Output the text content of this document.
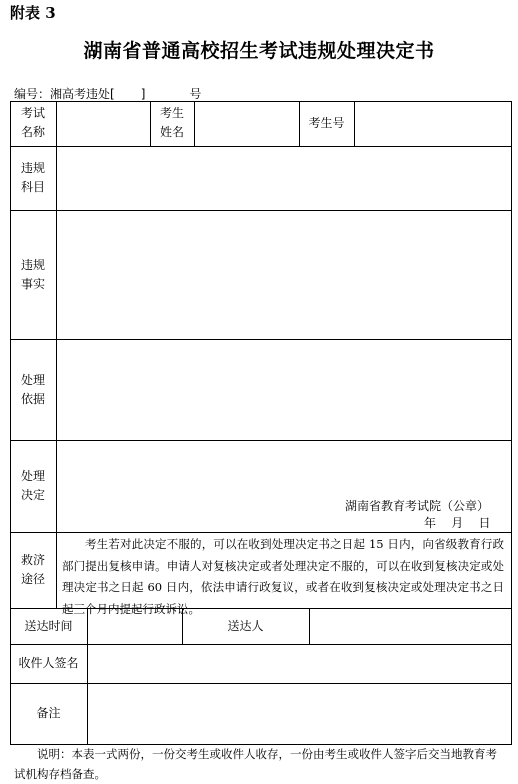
附表 3
湖南省普通高校招生考试违规处理决定书
编号：湘高考违处[ ]	号
考试
名称
考生
姓名
考生号
违规
科目
违规
事实
处理
依据
处理
决定
湖南省教育考试院（公章）
年    月    日
救济
途径
考生若对此决定不服的，可以在收到处理决定书之日起 15 日内，向省级教育行政部门提出复核申请。申请人对复核决定或者处理决定不服的，可以在收到复核决定或处理决定书之日起 60 日内，依法申请行政复议，或者在收到复核决定或处理决定书之日起三个月内提起行政诉讼。
送达时间	送达人
收件人签名
备注
说明：本表一式两份，一份交考生或收件人收存，一份由考生或收件人签字后交当地教育考试机构存档备查。
